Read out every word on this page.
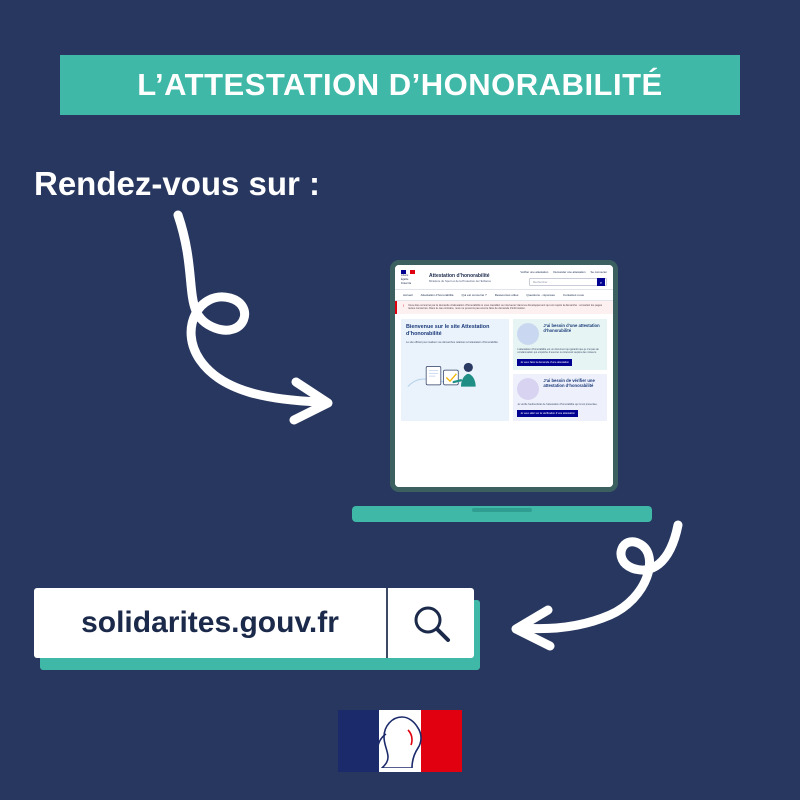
L’ATTESTATION D’HONORABILITÉ
Rendez-vous sur :
Liberté
Égalité
Fraternité
Attestation d’honorabilité
Ministère du Sport et de la Protection de l'Enfance
Vérifier une attestation Demander une attestation Se connecter
Rechercher	⌕
Accueil	Attestation d’honorabilité	Qui est concerné ?	Ressources utiles	Questions - réponses	Contactez-nous
! Vous êtes concerné par la demande d’attestation d’honorabilité si vous travaillez ou intervenez dans les développement qui ont repéré la démarche : consultez les pages textes concernés. Dans le cas contraire, nous ne pouvons pas encore faire de demande d’information.
Bienvenue sur le site Attestation d’honorabilité
Le site officiel pour réaliser vos démarches relatives à l’attestation d’honorabilité.
J’ai besoin d’une attestation d’honorabilité
L’attestation d’honorabilité est un document qui garantit que je n’ai pas de condamnation qui empêche d’exercer ou intervenir auprès des mineurs.
Je veux faire la demande d’une attestation
J’ai besoin de vérifier une attestation d’honorabilité
Je vérifie l’authenticité de l’attestation d’honorabilité qui m’est présentée.
Je veux aller sur la vérification d’une attestation
solidarites.gouv.fr
